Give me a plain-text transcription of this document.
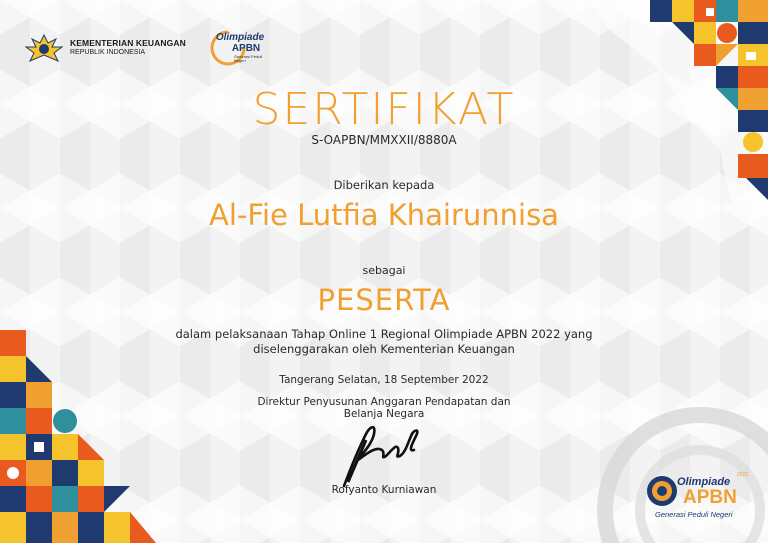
KEMENTERIAN KEUANGAN
REPUBLIK INDONESIA
Olimpiade
APBN
Generasi Peduli Negeri
SERTIFIKAT
S-OAPBN/MMXXII/8880A
Diberikan kepada
Al-Fie Lutfia Khairunnisa
sebagai
PESERTA
dalam pelaksanaan Tahap Online 1 Regional Olimpiade APBN 2022 yang
diselenggarakan oleh Kementerian Keuangan
Tangerang Selatan, 18 September 2022
Direktur Penyusunan Anggaran Pendapatan dan
Belanja Negara
Rofyanto Kurniawan
2022
Olimpiade
APBN
Generasi Peduli Negeri
